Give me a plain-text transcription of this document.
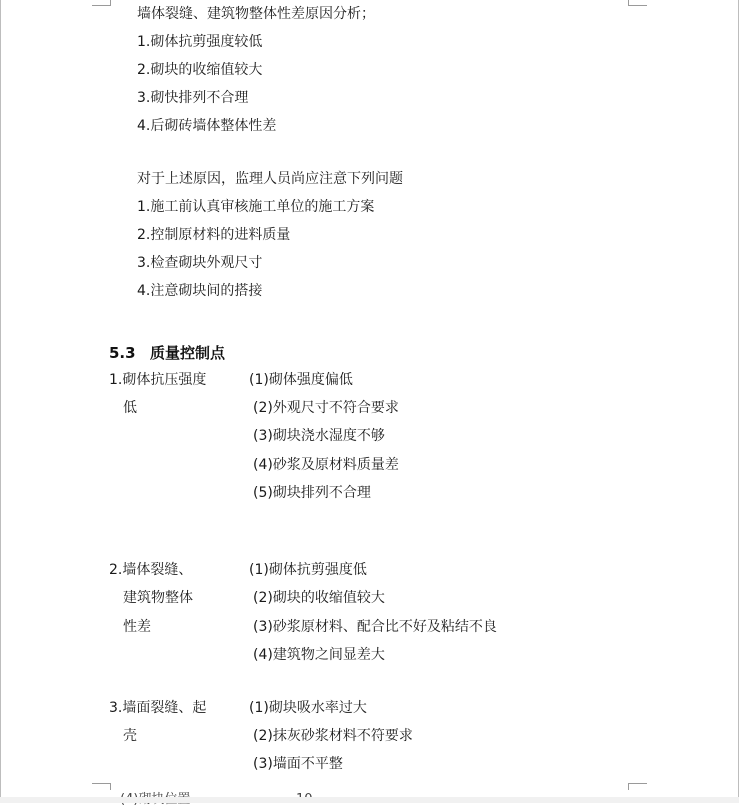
墙体裂缝、建筑物整体性差原因分析；
1.砌体抗剪强度较低
2.砌块的收缩值较大
3.砌快排列不合理
4.后砌砖墙体整体性差
对于上述原因，监理人员尚应注意下列问题
1.施工前认真审核施工单位的施工方案
2.控制原材料的进料质量
3.检查砌块外观尺寸
4.注意砌块间的搭接
5.3 质量控制点
1.砌体抗压强度
低
(1)砌体强度偏低
(2)外观尺寸不符合要求
(3)砌块浇水湿度不够
(4)砂浆及原材料质量差
(5)砌块排列不合理
2.墙体裂缝、
建筑物整体
性差
(1)砌体抗剪强度低
(2)砌块的收缩值较大
(3)砂浆原材料、配合比不好及粘结不良
(4)建筑物之间显差大
3.墙面裂缝、起
壳
(1)砌块吸水率过大
(2)抹灰砂浆材料不符要求
(3)墙面不平整
